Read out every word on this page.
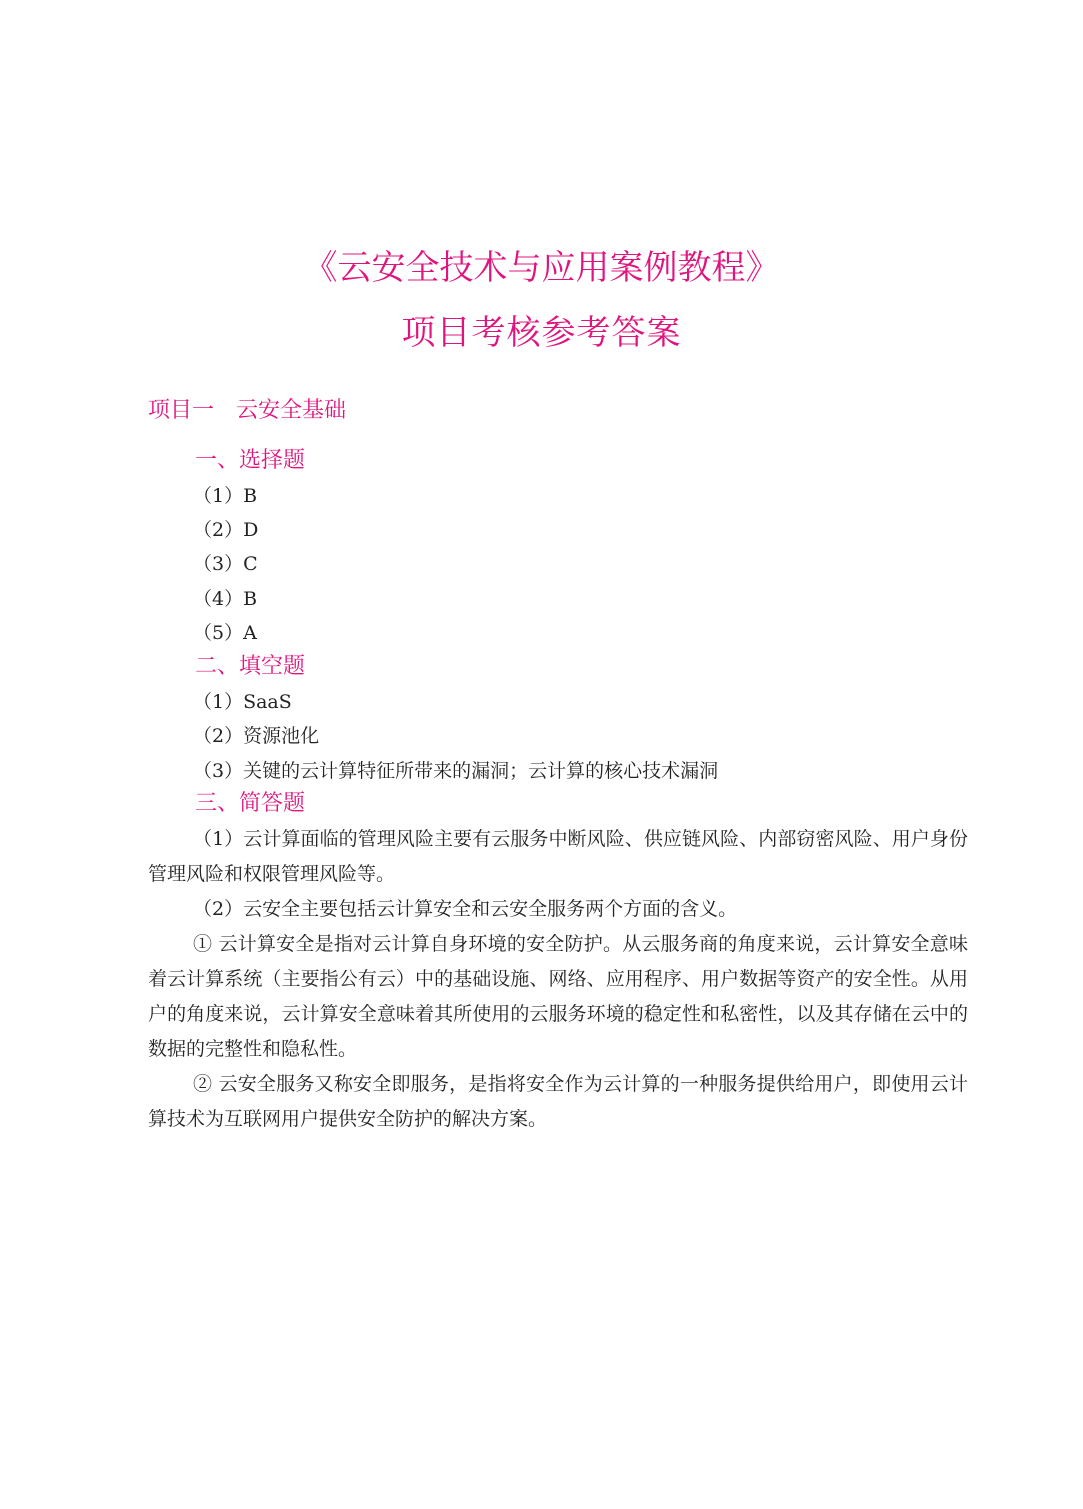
《云安全技术与应用案例教程》
项目考核参考答案
项目一　云安全基础
一、选择题

（1）B

（2）D

（3）C

（4）B

（5）A

二、填空题

（1）SaaS

（2）资源池化

（3）关键的云计算特征所带来的漏洞；云计算的核心技术漏洞

三、简答题

（1）云计算面临的管理风险主要有云服务中断风险、供应链风险、内部窃密风险、用户身份管理风险和权限管理风险等。

（2）云安全主要包括云计算安全和云安全服务两个方面的含义。

① 云计算安全是指对云计算自身环境的安全防护。从云服务商的角度来说，云计算安全意味着云计算系统（主要指公有云）中的基础设施、网络、应用程序、用户数据等资产的安全性。从用户的角度来说，云计算安全意味着其所使用的云服务环境的稳定性和私密性，以及其存储在云中的数据的完整性和隐私性。

② 云安全服务又称安全即服务，是指将安全作为云计算的一种服务提供给用户，即使用云计算技术为互联网用户提供安全防护的解决方案。
